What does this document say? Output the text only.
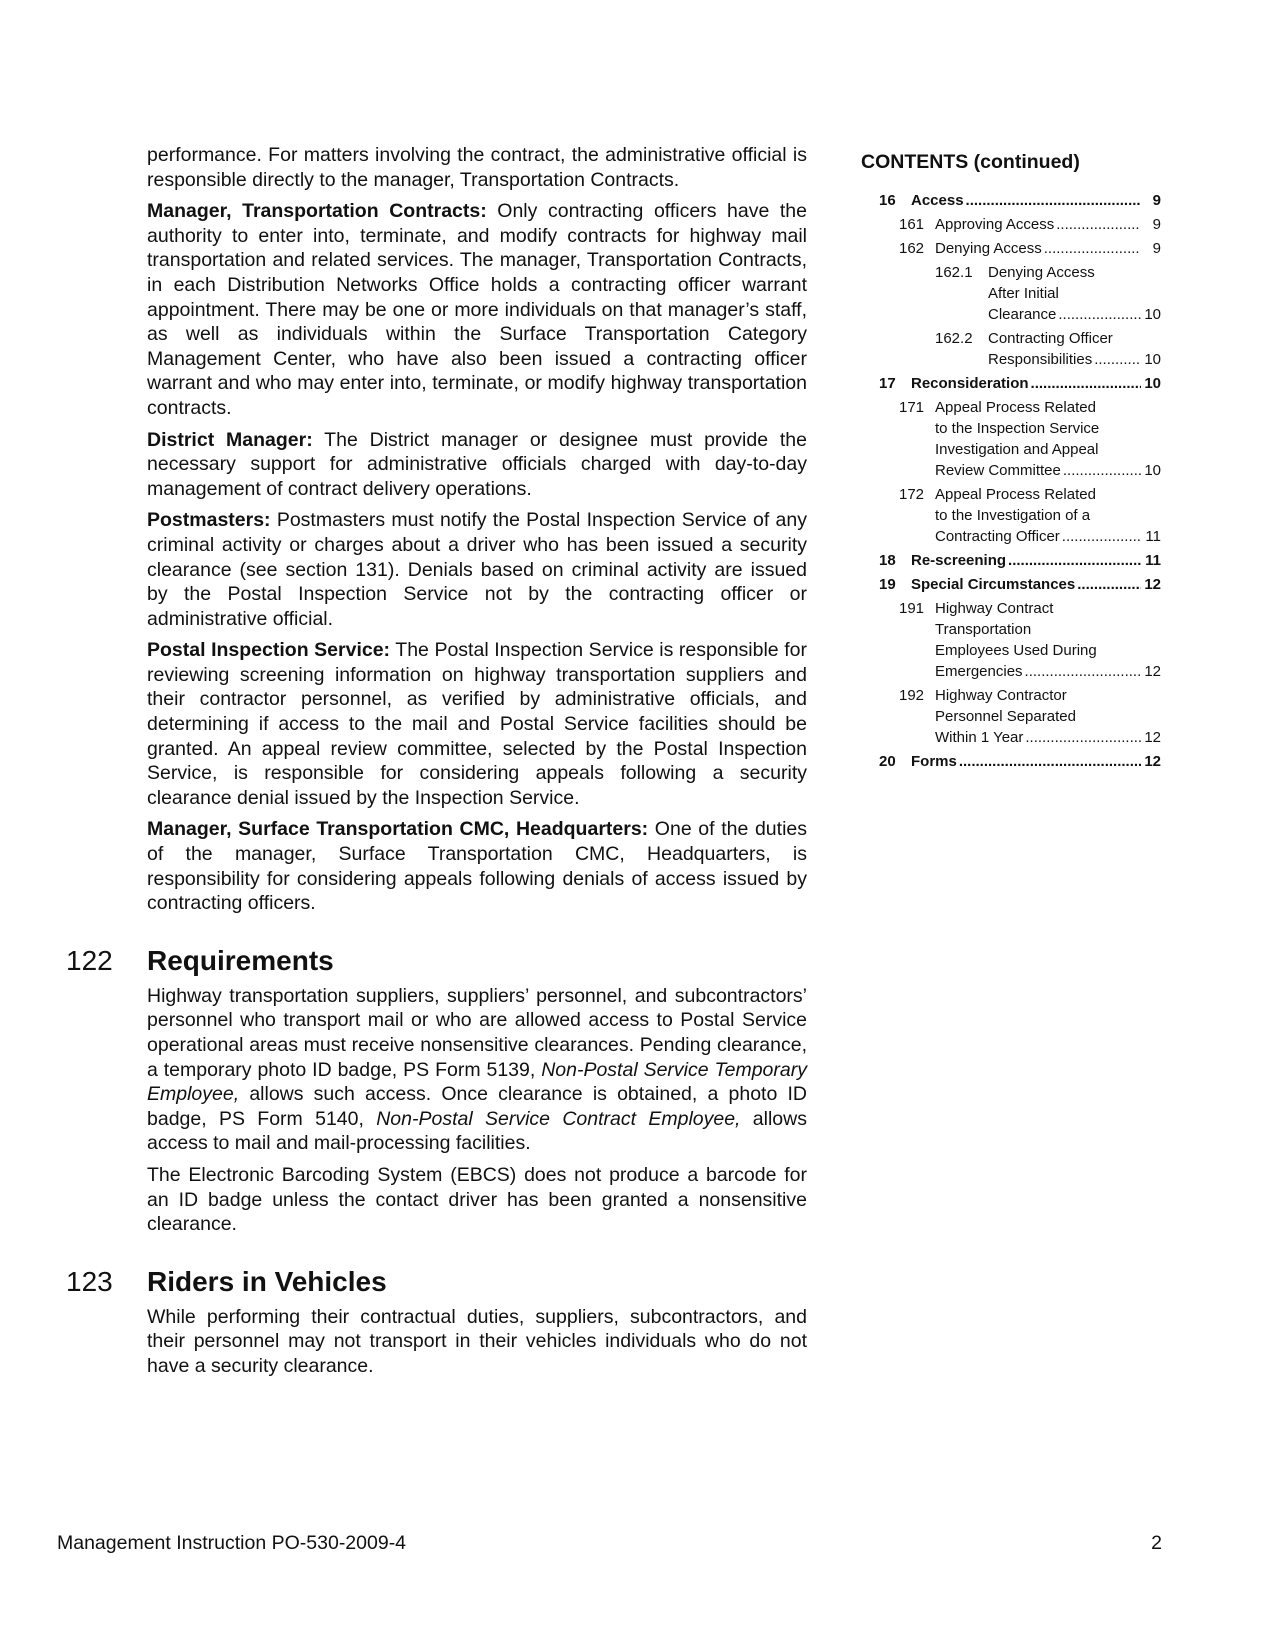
performance. For matters involving the contract, the administrative official is responsible directly to the manager, Transportation Contracts.

Manager, Transportation Contracts: Only contracting officers have the authority to enter into, terminate, and modify contracts for highway mail transportation and related services. The manager, Transportation Contracts, in each Distribution Networks Office holds a contracting officer warrant appointment. There may be one or more individuals on that manager’s staff, as well as individuals within the Surface Transportation Category Management Center, who have also been issued a contracting officer warrant and who may enter into, terminate, or modify highway transportation contracts.

District Manager: The District manager or designee must provide the necessary support for administrative officials charged with day-to-day management of contract delivery operations.

Postmasters: Postmasters must notify the Postal Inspection Service of any criminal activity or charges about a driver who has been issued a security clearance (see section 131). Denials based on criminal activity are issued by the Postal Inspection Service not by the contracting officer or administrative official.

Postal Inspection Service: The Postal Inspection Service is responsible for reviewing screening information on highway transportation suppliers and their contractor personnel, as verified by administrative officials, and determining if access to the mail and Postal Service facilities should be granted. An appeal review committee, selected by the Postal Inspection Service, is responsible for considering appeals following a security clearance denial issued by the Inspection Service.

Manager, Surface Transportation CMC, Headquarters: One of the duties of the manager, Surface Transportation CMC, Headquarters, is responsibility for considering appeals following denials of access issued by contracting officers.

122 Requirements

Highway transportation suppliers, suppliers’ personnel, and subcontractors’ personnel who transport mail or who are allowed access to Postal Service operational areas must receive nonsensitive clearances. Pending clearance, a temporary photo ID badge, PS Form 5139, Non-Postal Service Temporary Employee, allows such access. Once clearance is obtained, a photo ID badge, PS Form 5140, Non-Postal Service Contract Employee, allows access to mail and mail-processing facilities.

The Electronic Barcoding System (EBCS) does not produce a barcode for an ID badge unless the contact driver has been granted a nonsensitive clearance.

123 Riders in Vehicles

While performing their contractual duties, suppliers, subcontractors, and their personnel may not transport in their vehicles individuals who do not have a security clearance.

CONTENTS (continued)
16	Access .....	9
161 Approving Access .....	9
162 Denying Access .....	9
162.1	Denying Access
After Initial
Clearance .....	10
162.2	Contracting Officer
Responsibilities .....	10
17	Reconsideration .....	10
171 Appeal Process Related
to the Inspection Service
Investigation and Appeal
Review Committee .....	10
172 Appeal Process Related
to the Investigation of a
Contracting Officer .....	11
18	Re-screening .....	11
19	Special Circumstances .....	12
191 Highway Contract
Transportation
Employees Used During
Emergencies .....	12
192 Highway Contractor
Personnel Separated
Within 1 Year .....	12
20	Forms .....	12
Management Instruction PO-530-2009-4	2
